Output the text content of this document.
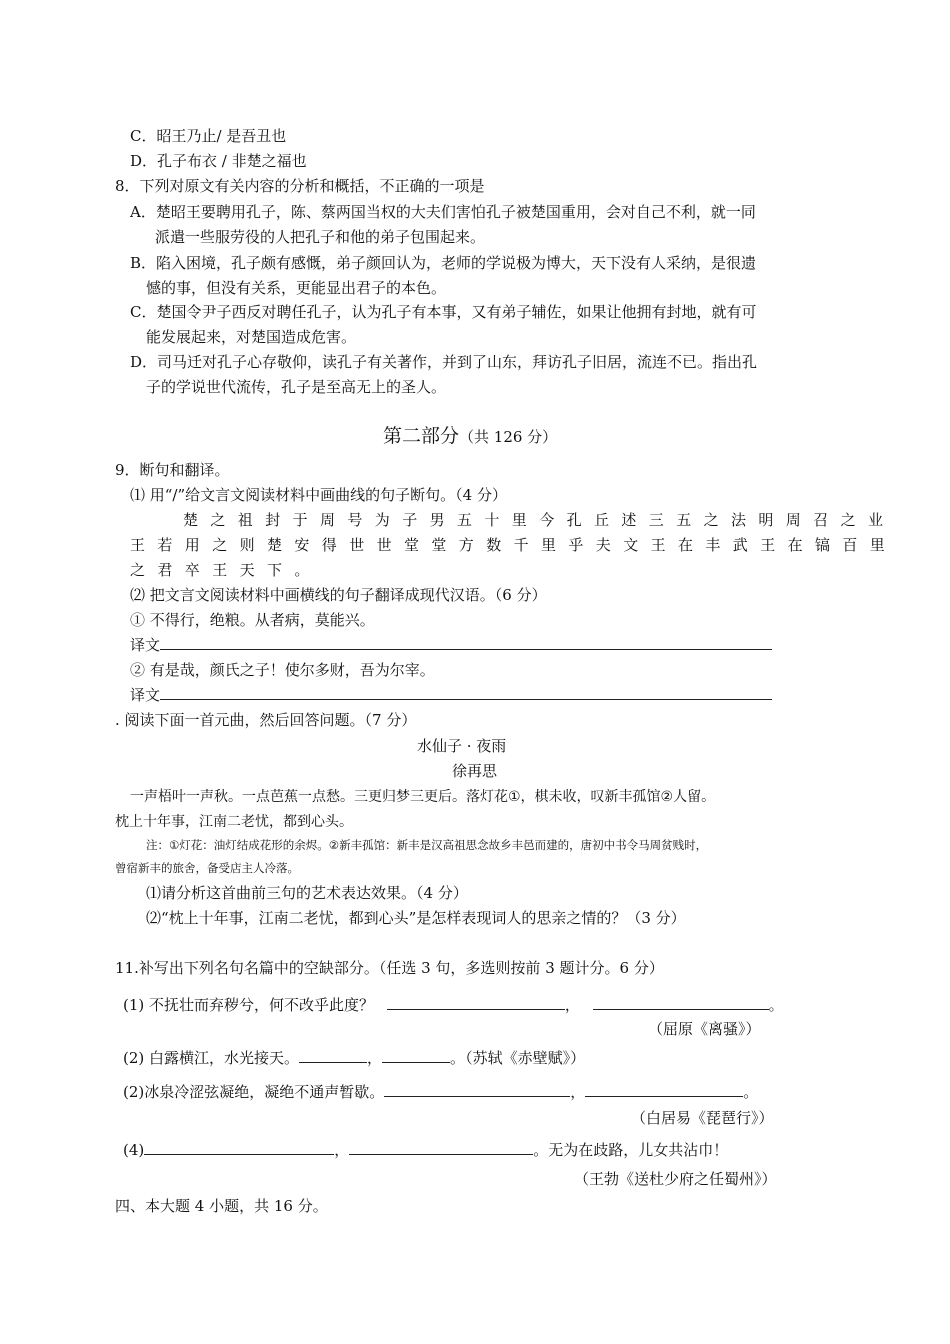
C．昭王乃止/ 是吾丑也
D．孔子布衣 / 非楚之福也
8．下列对原文有关内容的分析和概括，不正确的一项是
A．楚昭王要聘用孔子，陈、蔡两国当权的大夫们害怕孔子被楚国重用，会对自己不利，就一同
派遣一些服劳役的人把孔子和他的弟子包围起来。
B．陷入困境，孔子颇有感慨，弟子颜回认为，老师的学说极为博大，天下没有人采纳，是很遗
憾的事，但没有关系，更能显出君子的本色。
C．楚国令尹子西反对聘任孔子，认为孔子有本事，又有弟子辅佐，如果让他拥有封地，就有可
能发展起来，对楚国造成危害。
D．司马迁对孔子心存敬仰，读孔子有关著作，并到了山东，拜访孔子旧居，流连不已。指出孔
子的学说世代流传，孔子是至高无上的圣人。
第二部分（共 126 分）
9．断句和翻译。
⑴ 用“/”给文言文阅读材料中画曲线的句子断句。（4 分）
楚之祖封于周号为子男五十里今孔丘述三五之法明周召之业
王若用之则楚安得世世堂堂方数千里乎夫文王在丰武王在镐百里
之君卒王天下。
⑵ 把文言文阅读材料中画横线的句子翻译成现代汉语。（6 分）
① 不得行，绝粮。从者病，莫能兴。
译文
② 有是哉，颜氏之子！使尔多财，吾为尔宰。
译文
. 阅读下面一首元曲，然后回答问题。（7 分）
水仙子 · 夜雨
徐再思
一声梧叶一声秋。一点芭蕉一点愁。三更归梦三更后。落灯花①，棋未收，叹新丰孤馆②人留。
枕上十年事，江南二老忧，都到心头。
注：①灯花：油灯结成花形的余烬。②新丰孤馆：新丰是汉高祖思念故乡丰邑而建的，唐初中书令马周贫贱时，
曾宿新丰的旅舍，备受店主人冷落。
⑴请分析这首曲前三句的艺术表达效果。（4 分）
⑵“枕上十年事，江南二老忧，都到心头”是怎样表现词人的思亲之情的？（3 分）
11.补写出下列名句名篇中的空缺部分。（任选 3 句，多选则按前 3 题计分。6 分）
(1) 不抚壮而弃秽兮，何不改乎此度？	，	。
（屈原《离骚》）
(2) 白露横江，水光接天。	，	。（苏轼《赤壁赋》）
(2)冰泉冷涩弦凝绝，凝绝不通声暂歇。	，	。
（白居易《琵琶行》）
(4)	，	。无为在歧路，儿女共沾巾！
（王勃《送杜少府之任蜀州》）
四、本大题 4 小题，共 16 分。
